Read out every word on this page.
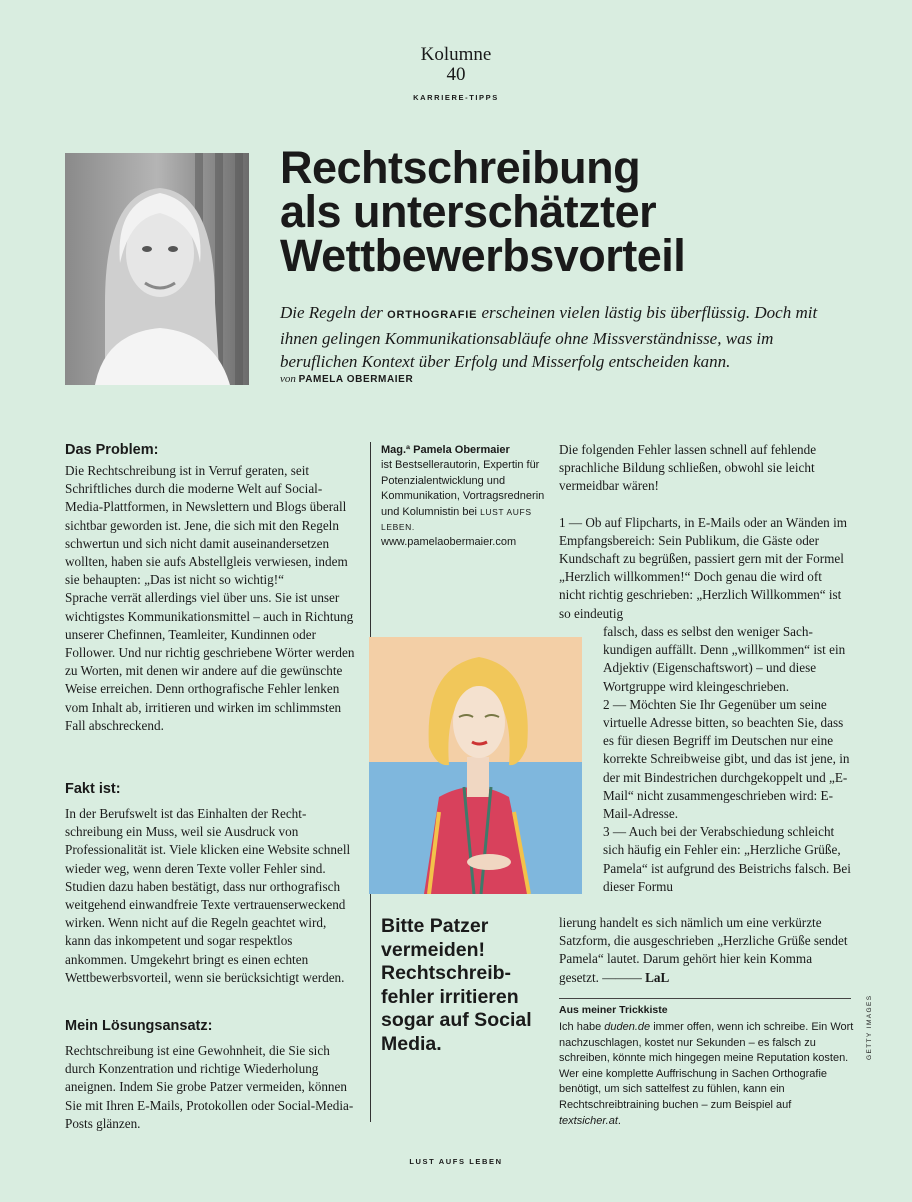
Kolumne
40
KARRIERE-TIPPS
Rechtschreibung
als unterschätzter
Wettbewerbsvorteil
Die Regeln der ORTHOGRAFIE erscheinen vielen lästig bis überflüssig. Doch mit ihnen gelingen Kommunikationsabläufe ohne Missverständnisse, was im beruflichen Kontext über Erfolg und Misserfolg entscheiden kann.
von PAMELA OBERMAIER
Das Problem:
Die Rechtschreibung ist in Verruf geraten, seit Schriftliches durch die moderne Welt auf Social-Media-Plattformen, in Newslettern und Blogs überall sichtbar geworden ist. Jene, die sich mit den Regeln schwertun und sich nicht damit auseinandersetzen wollten, haben sie aufs Abstellgleis verwiesen, indem sie behaupten: „Das ist nicht so wichtig!“
Sprache verrät allerdings viel über uns. Sie ist unser wichtigstes Kommunikationsmittel – auch in Richtung unserer Chefinnen, Teamleiter, Kundinnen oder Follower. Und nur richtig geschriebene Wörter werden zu Worten, mit denen wir andere auf die gewünschte Weise erreichen. Denn orthografische Fehler lenken vom Inhalt ab, irritieren und wirken im schlimmsten Fall abschreckend.
Fakt ist:
In der Berufswelt ist das Einhalten der Rechtschreibung ein Muss, weil sie Ausdruck von Professionalität ist. Viele klicken eine Website schnell wieder weg, wenn deren Texte voller Fehler sind. Studien dazu haben bestätigt, dass nur orthografisch weitgehend einwandfreie Texte vertrauenserweckend wirken. Wenn nicht auf die Regeln geachtet wird, kann das inkompetent und sogar respektlos ankommen. Umgekehrt bringt es einen echten Wettbewerbsvorteil, wenn sie berücksichtigt werden.
Mein Lösungsansatz:
Rechtschreibung ist eine Gewohnheit, die Sie sich durch Konzentration und richtige Wiederholung aneignen. Indem Sie grobe Patzer vermeiden, können Sie mit Ihren E-Mails, Protokollen oder Social-Media-Posts glänzen.
Mag.ª Pamela Obermaier
ist Bestsellerautorin, Expertin für Potenzialentwicklung und Kommunikation, Vortragsrednerin und Kolumnistin bei LUST AUFS LEBEN.
www.pamelaobermaier.com
Bitte Patzer vermeiden! Rechtschreibfehler irritieren sogar auf Social Media.
Die folgenden Fehler lassen schnell auf fehlende sprachliche Bildung schließen, obwohl sie leicht vermeidbar wären!
1 — Ob auf Flipcharts, in E-Mails oder an Wänden im Empfangsbereich: Sein Publikum, die Gäste oder Kundschaft zu begrüßen, passiert gern mit der Formel „Herzlich willkommen!“ Doch genau die wird oft nicht richtig geschrieben: „Herzlich Willkommen“ ist so eindeutig
falsch, dass es selbst den weniger Sachkundigen auffällt. Denn „willkommen“ ist ein Adjektiv (Eigenschaftswort) – und diese Wortgruppe wird kleingeschrieben.
2 — Möchten Sie Ihr Gegenüber um seine virtuelle Adresse bitten, so beachten Sie, dass es für diesen Begriff im Deutschen nur eine korrekte Schreibweise gibt, und das ist jene, in der mit Bindestrichen durchgekoppelt und „E-Mail“ nicht zusammengeschrieben wird: E-Mail-Adresse.
3 — Auch bei der Verabschiedung schleicht sich häufig ein Fehler ein: „Herzliche Grüße, Pamela“ ist aufgrund des Beistrichs falsch. Bei dieser Formu
lierung handelt es sich nämlich um eine verkürzte Satzform, die ausgeschrieben „Herzliche Grüße sendet Pamela“ lautet. Darum gehört hier kein Komma gesetzt. ——— LaL
Aus meiner Trickkiste
Ich habe duden.de immer offen, wenn ich schreibe. Ein Wort nachzuschlagen, kostet nur Sekunden – es falsch zu schreiben, könnte mich hingegen meine Reputation kosten. Wer eine komplette Auffrischung in Sachen Orthografie benötigt, um sich sattelfest zu fühlen, kann ein Rechtschreibtraining buchen – zum Beispiel auf textsicher.at.
GETTY IMAGES
LUST AUFS LEBEN
